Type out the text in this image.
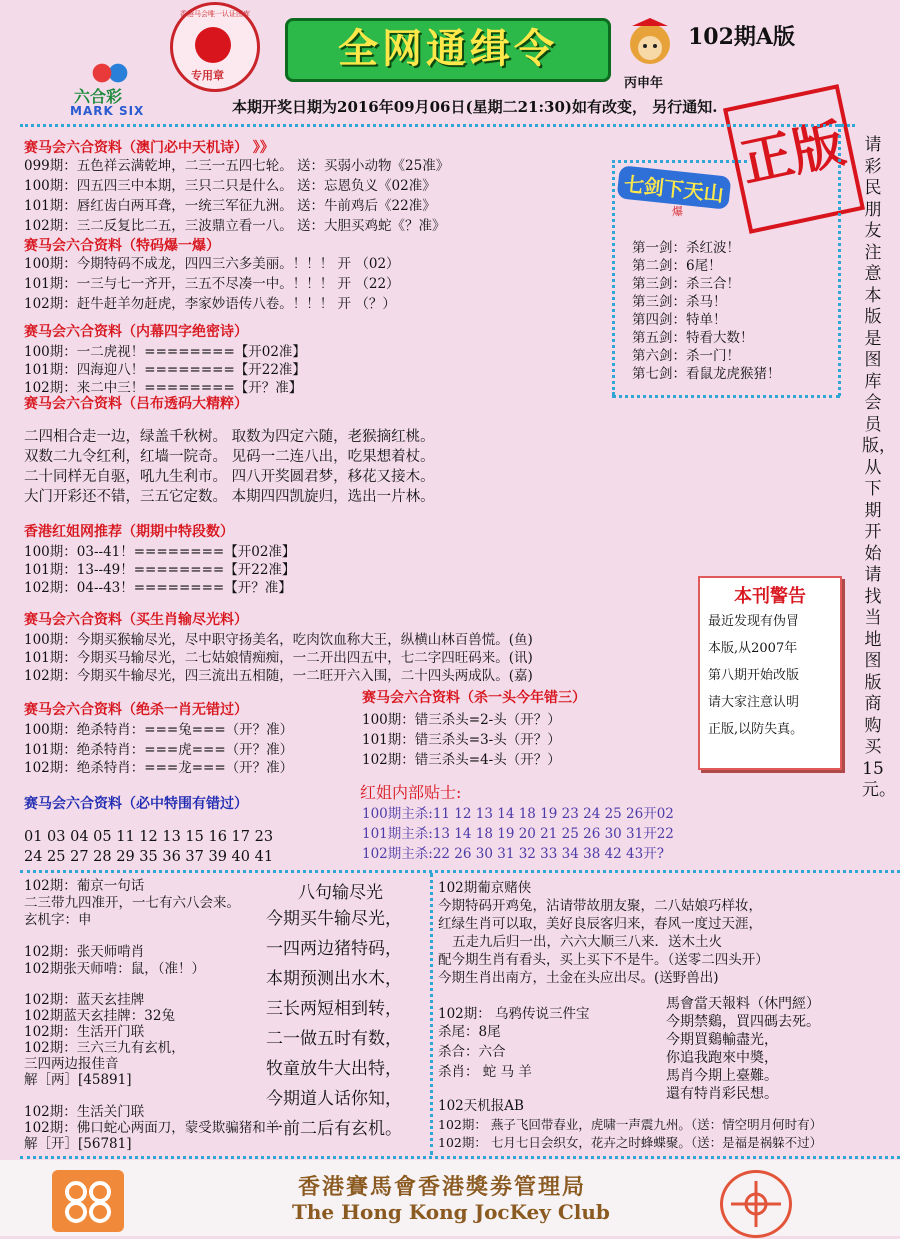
六合彩
MARK SIX
香港马会唯一认证图库
专用章
全网通缉令
丙申年
102期A版
正版
本期开奖日期为2016年09月06日(星期二21:30)如有改变， 另行通知.
赛马会六合资料（澳门必中天机诗） 》》
099期：五色祥云满乾坤，二三一五四七轮。 送：买弱小动物《25准》
100期：四五四三中本期，三只二只是什么。 送：忘恩负义《02准》
101期：唇红齿白两耳聋，一统三军征九洲。 送：牛前鸡后《22准》
102期：三二反复比二五，三波鼎立看一八。 送：大胆买鸡蛇《？准》
赛马会六合资料（特码爆一爆）
100期：今期特码不成龙，四四三六多美丽。！！！ 开 （02）
101期：一三与七一齐开，三五不尽凑一中。！！！ 开 （22）
102期：赶牛赶羊勿赶虎，李家妙语传八卷。！！！ 开 （？）
赛马会六合资料（内幕四字绝密诗）
100期：一二虎视！========【开02准】
101期：四海迎八！========【开22准】
102期：来二中三！========【开？准】
赛马会六合资料（吕布透码大精粹）
二四相合走一边，绿盖千秋树。 取数为四定六随，老猴摘红桃。
双数二九令红利，红墙一院奇。 见码一二连八出，吃果想着杖。
二十同样无自驱，吼九生利市。 四八开奖圆君梦，移花又接木。
大门开彩还不错，三五它定数。 本期四四凯旋归，选出一片林。
香港红姐网推荐（期期中特段数）
100期：03--41！========【开02准】
101期：13--49！========【开22准】
102期：04--43！========【开？准】
赛马会六合资料（买生肖输尽光料）
100期：今期买猴输尽光，尽中职守扬美名，吃肉饮血称大王，纵横山林百兽慌。(鱼)
101期：今期买马输尽光，二七姑娘情痴痴，一二开出四五中，七二字四旺码来。(讯)
102期：今期买牛输尽光，四三流出五相随，一二旺开六入围，二十四头两成队。(嘉)
赛马会六合资料（绝杀一肖无错过）
100期：绝杀特肖：===兔===（开？准）
101期：绝杀特肖：===虎===（开？准）
102期：绝杀特肖：===龙===（开？准）
赛马会六合资料（杀一头今年错三）
100期：错三杀头=2-头（开？）
101期：错三杀头=3-头（开？）
102期：错三杀头=4-头（开？）
赛马会六合资料（必中特围有错过）
01 03 04 05 11 12 13 15 16 17 23
24 25 27 28 29 35 36 37 39 40 41
红姐内部贴士:
100期主杀:11 12 13 14 18 19 23 24 25 26开02
101期主杀:13 14 18 19 20 21 25 26 30 31开22
102期主杀:22 26 30 31 32 33 34 38 42 43开?
七剑下天山
爆
第一剑：杀红波！
第二剑：6尾！
第三剑：杀三合！
第三剑：杀马！
第四剑：特单！
第五剑：特看大数！
第六剑：杀一门！
第七剑：看鼠龙虎猴猪！
请彩民朋友注意本版是图库会员版，从下期开始请找当地图版商购买15元。
本刊警告
最近发现有伪冒
本版,从2007年
第八期开始改版
请大家注意认明
正版,以防失真。
102期：葡京一句话
二三带九四准开，一七有六八会来。
玄机字：申
102期：张天师啃肖
102期张天师啃：鼠，（准！）
102期：蓝天玄挂牌
102期蓝天玄挂牌：32兔
102期：生活开门联
102期：三六三九有玄机，
三四两边报佳音
解［两］[45891]
102期：生活关门联
102期：佛口蛇心两面刀，蒙受欺骗猪和羊
解［开］[56781]
八句输尽光
今期买牛输尽光，
一四两边猪特码，
本期预测出水木，
三长两短相到转，
二一做五时有数，
牧童放牛大出特，
今期道人话你知，
一前二后有玄机。
102期葡京赌侠
今期特码开鸡兔，沾请带故朋友聚，二八姑娘巧样妆，
红绿生肖可以取，美好良辰客归来，春风一度过天涯，
五走九后归一出，六六大顺三八来．送木土火
配今期生肖有看头，买上买下不是牛。（送零二四头开）
今期生肖出南方，土金在头应出尽。(送野兽出)
102期： 乌鸦传说三件宝
杀尾：8尾
杀合：六合
杀肖： 蛇 马 羊
馬會當天報料（休門經）
今期禁鷄，買四碼去死。
今期買鷄輸盡光，
你追我跑來中奬，
馬肖今期上臺難。
還有特肖彩民想。
102天机报AB
102期： 燕子飞回带春业，虎啸一声震九州。（送：情空明月何时有）
102期： 七月七日会织女，花卉之时蜂蝶聚。（送：是福是祸躲不过）
香港賽馬會香港獎劵管理局
The Hong Kong JocKey Club
